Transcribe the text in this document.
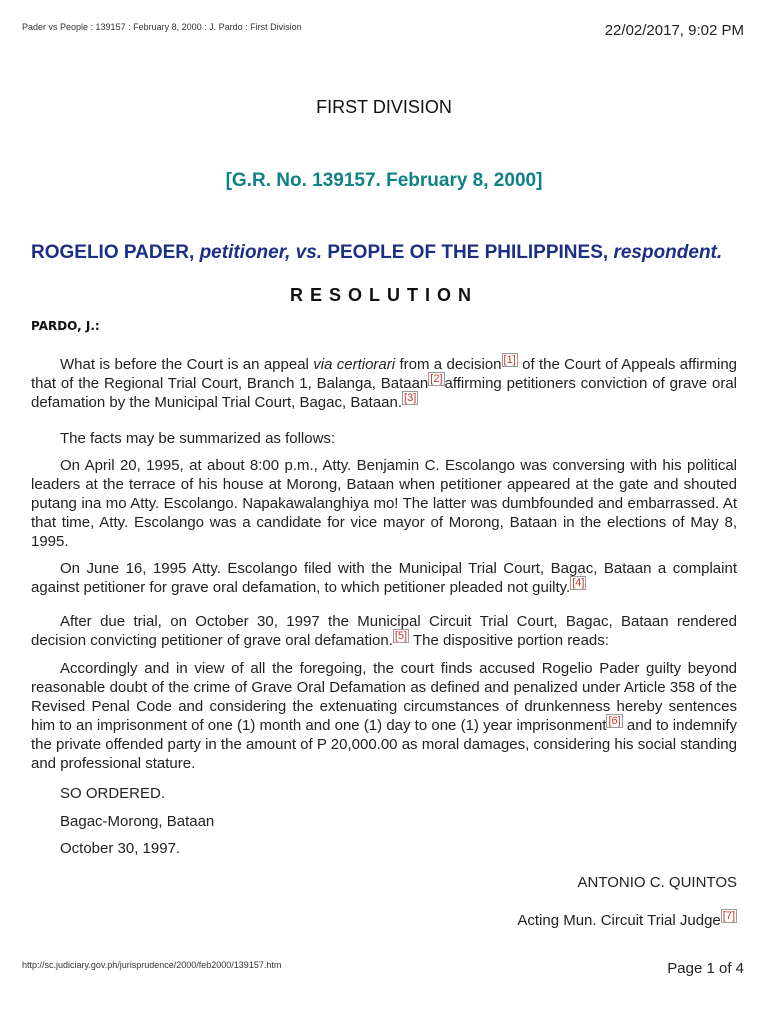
Pader vs People : 139157 : February 8, 2000 : J. Pardo : First Division	22/02/2017, 9:02 PM
FIRST DIVISION
[G.R. No. 139157. February 8, 2000]
ROGELIO PADER, petitioner, vs. PEOPLE OF THE PHILIPPINES, respondent.
RESOLUTION
PARDO, J.:

What is before the Court is an appeal via certiorari from a decision [1] of the Court of Appeals affirming that of the Regional Trial Court, Branch 1, Balanga, Bataan [2] affirming petitioners conviction of grave oral defamation by the Municipal Trial Court, Bagac, Bataan. [3]

The facts may be summarized as follows:

On April 20, 1995, at about 8:00 p.m., Atty. Benjamin C. Escolango was conversing with his political leaders at the terrace of his house at Morong, Bataan when petitioner appeared at the gate and shouted putang ina mo Atty. Escolango. Napakawalanghiya mo! The latter was dumbfounded and embarrassed. At that time, Atty. Escolango was a candidate for vice mayor of Morong, Bataan in the elections of May 8, 1995.

On June 16, 1995 Atty. Escolango filed with the Municipal Trial Court, Bagac, Bataan a complaint against petitioner for grave oral defamation, to which petitioner pleaded not guilty. [4]

After due trial, on October 30, 1997 the Municipal Circuit Trial Court, Bagac, Bataan rendered decision convicting petitioner of grave oral defamation. [5] The dispositive portion reads:

Accordingly and in view of all the foregoing, the court finds accused Rogelio Pader guilty beyond reasonable doubt of the crime of Grave Oral Defamation as defined and penalized under Article 358 of the Revised Penal Code and considering the extenuating circumstances of drunkenness hereby sentences him to an imprisonment of one (1) month and one (1) day to one (1) year imprisonment [6] and to indemnify the private offended party in the amount of P 20,000.00 as moral damages, considering his social standing and professional stature.

SO ORDERED.
Bagac-Morong, Bataan
October 30, 1997.
ANTONIO C. QUINTOS
Acting Mun. Circuit Trial Judge [7]
http://sc.judiciary.gov.ph/jurisprudence/2000/feb2000/139157.htm	Page 1 of 4
